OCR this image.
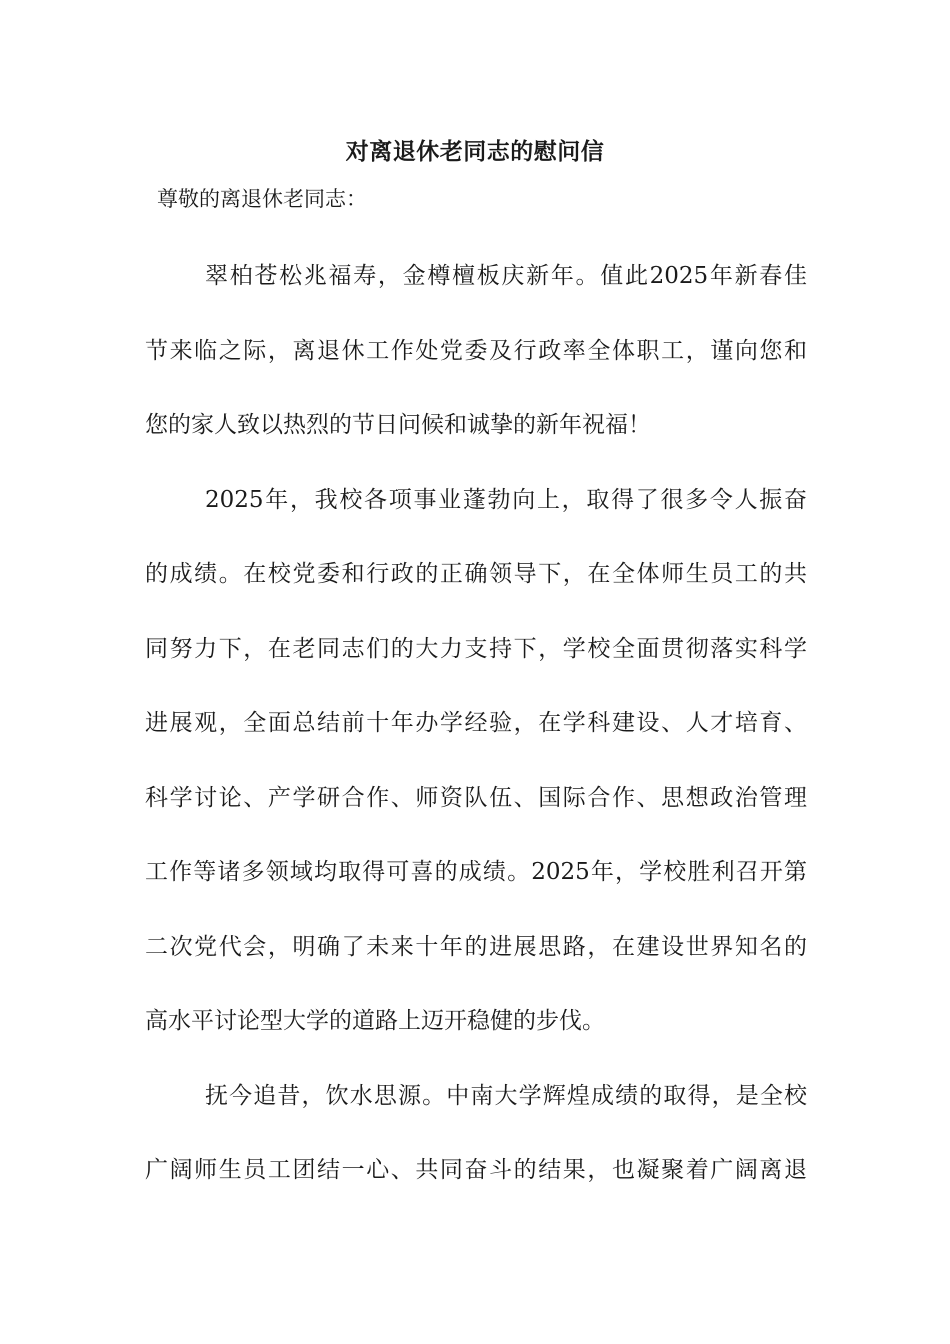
对离退休老同志的慰问信
尊敬的离退休老同志：
翠柏苍松兆福寿，金樽檀板庆新年。值此2025年新春佳
节来临之际，离退休工作处党委及行政率全体职工，谨向您和
您的家人致以热烈的节日问候和诚挚的新年祝福！
2025年，我校各项事业蓬勃向上，取得了很多令人振奋
的成绩。在校党委和行政的正确领导下，在全体师生员工的共
同努力下，在老同志们的大力支持下，学校全面贯彻落实科学
进展观，全面总结前十年办学经验，在学科建设、人才培育、
科学讨论、产学研合作、师资队伍、国际合作、思想政治管理
工作等诸多领域均取得可喜的成绩。2025年，学校胜利召开第
二次党代会，明确了未来十年的进展思路，在建设世界知名的
高水平讨论型大学的道路上迈开稳健的步伐。
抚今追昔，饮水思源。中南大学辉煌成绩的取得，是全校
广阔师生员工团结一心、共同奋斗的结果，也凝聚着广阔离退
